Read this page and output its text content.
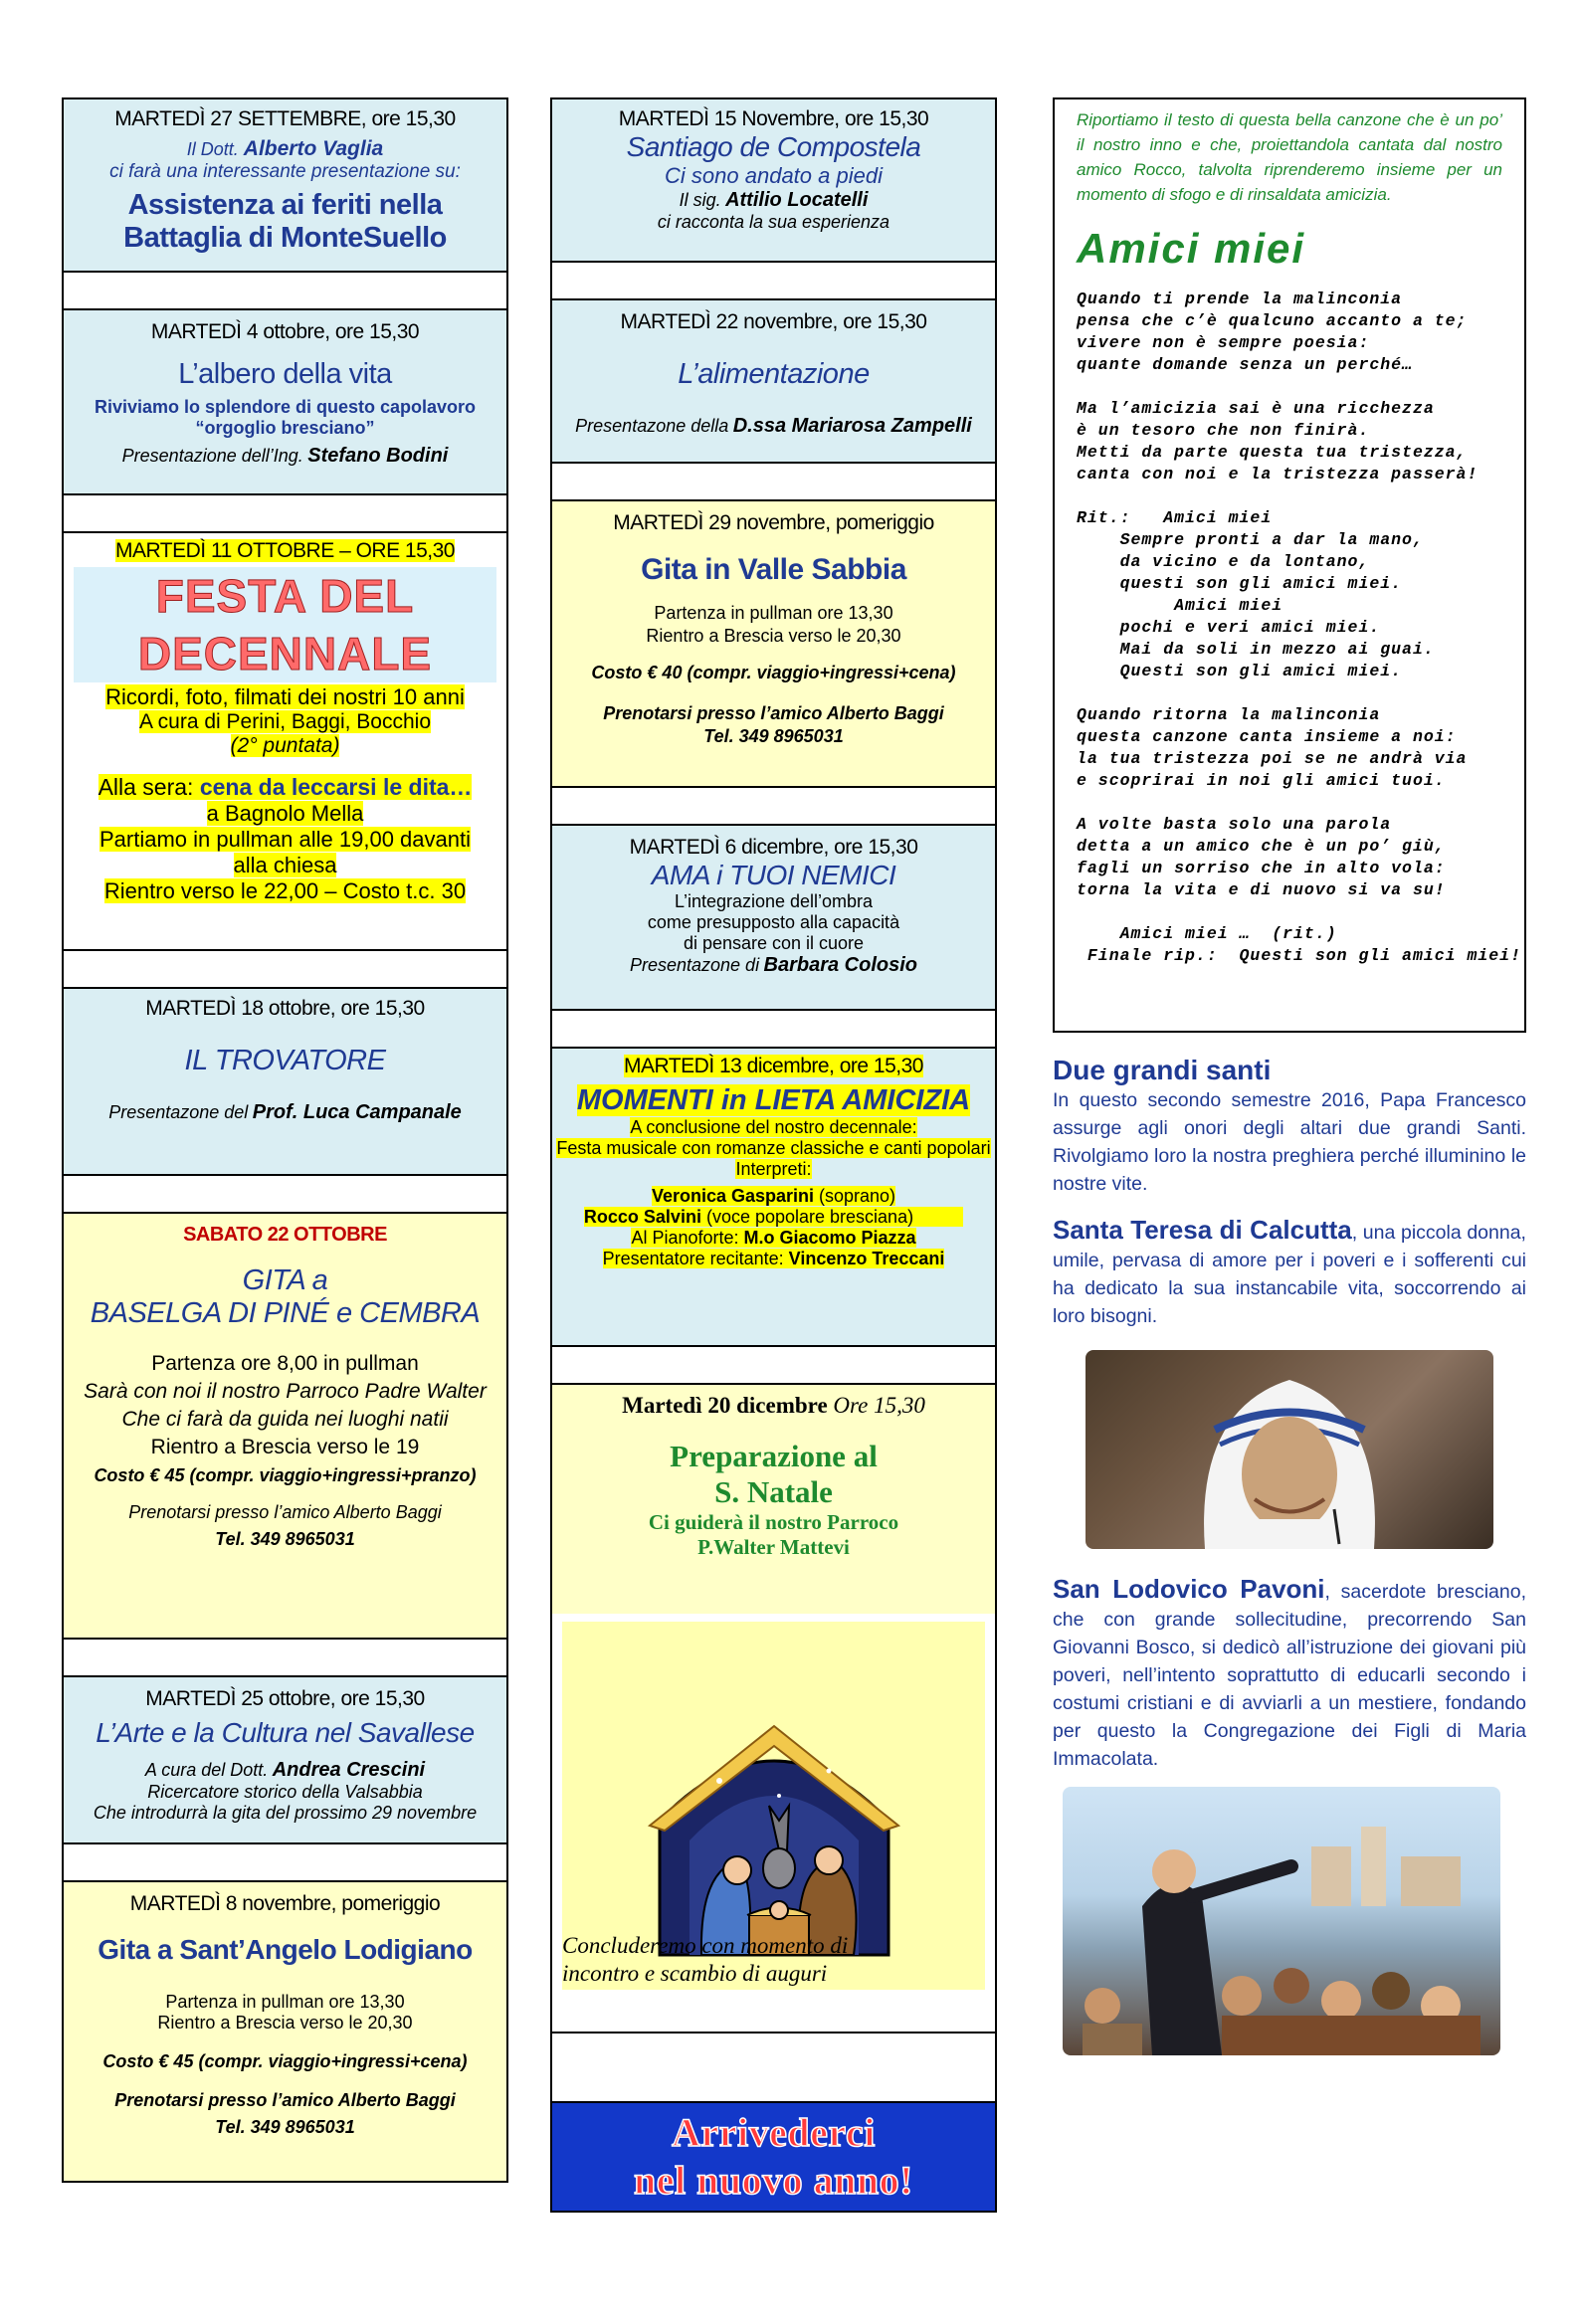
MARTEDÌ 27 SETTEMBRE, ore 15,30
Il Dott. Alberto Vaglia
ci farà una interessante presentazione su:
Assistenza ai feriti nella
Battaglia di MonteSuello
MARTEDÌ 4 ottobre, ore 15,30
L’albero della vita
Riviviamo lo splendore di questo capolavoro
“orgoglio bresciano”
Presentazione dell’Ing. Stefano Bodini
MARTEDÌ 11 OTTOBRE – ORE 15,30
FESTA DEL
DECENNALE
Ricordi, foto, filmati dei nostri 10 anni
A cura di Perini, Baggi, Bocchio
(2° puntata)
Alla sera: cena da leccarsi le dita…
a Bagnolo Mella
Partiamo in pullman alle 19,00 davanti
alla chiesa
Rientro verso le 22,00 – Costo t.c. 30
MARTEDÌ 18 ottobre, ore 15,30
IL TROVATORE
Presentazone del Prof. Luca Campanale
SABATO 22 OTTOBRE
GITA a
BASELGA DI PINÉ e CEMBRA
Partenza ore 8,00 in pullman
Sarà con noi il nostro Parroco Padre Walter
Che ci farà da guida nei luoghi natii
Rientro a Brescia verso le 19
Costo € 45 (compr. viaggio+ingressi+pranzo)
Prenotarsi presso l’amico Alberto Baggi
Tel. 349 8965031
MARTEDÌ 25 ottobre, ore 15,30
L’Arte e la Cultura nel Savallese
A cura del Dott. Andrea Crescini
Ricercatore storico della Valsabbia
Che introdurrà la gita del prossimo 29 novembre
MARTEDÌ 8 novembre, pomeriggio
Gita a Sant’Angelo Lodigiano
Partenza in pullman ore 13,30
Rientro a Brescia verso le 20,30
Costo € 45 (compr. viaggio+ingressi+cena)
Prenotarsi presso l’amico Alberto Baggi
Tel. 349 8965031
MARTEDÌ 15 Novembre, ore 15,30
Santiago de Compostela
Ci sono andato a piedi
Il sig. Attilio Locatelli
ci racconta la sua esperienza
MARTEDÌ 22 novembre, ore 15,30
L’alimentazione
Presentazone della D.ssa Mariarosa Zampelli
MARTEDÌ 29 novembre, pomeriggio
Gita in Valle Sabbia
Partenza in pullman ore 13,30
Rientro a Brescia verso le 20,30
Costo € 40 (compr. viaggio+ingressi+cena)
Prenotarsi presso l’amico Alberto Baggi
Tel. 349 8965031
MARTEDÌ 6 dicembre, ore 15,30
AMA i TUOI NEMICI
L’integrazione dell’ombra
come presupposto alla capacità
di pensare con il cuore
Presentazone di Barbara Colosio
MARTEDÌ 13 dicembre, ore 15,30
MOMENTI in LIETA AMICIZIA
A conclusione del nostro decennale:
Festa musicale con romanze classiche e canti popolari
Interpreti:
Veronica Gasparini (soprano)
Rocco Salvini (voce popolare bresciana)
Al Pianoforte: M.o Giacomo Piazza
Presentatore recitante: Vincenzo Treccani
Martedì 20 dicembre Ore 15,30
Preparazione al
S. Natale
Ci guiderà il nostro Parroco
P.Walter Mattevi
Concluderemo con momento di
incontro e scambio di auguri
Arrivederci
nel nuovo anno!
Riportiamo il testo di questa bella canzone che è un po’ il nostro inno e che, proiettandola cantata dal nostro amico Rocco, talvolta riprenderemo insieme per un momento di sfogo e di rinsaldata amicizia.
Amici miei
Quando ti prende la malinconia
pensa che c’è qualcuno accanto a te;
vivere non è sempre poesia:
quante domande senza un perché…

Ma l’amicizia sai è una ricchezza
è un tesoro che non finirà.
Metti da parte questa tua tristezza,
canta con noi e la tristezza passerà!

Rit.:   Amici miei
Sempre pronti a dar la mano,
da vicino e da lontano,
questi son gli amici miei.
Amici miei
pochi e veri amici miei.
Mai da soli in mezzo ai guai.
Questi son gli amici miei.

Quando ritorna la malinconia
questa canzone canta insieme a noi:
la tua tristezza poi se ne andrà via
e scoprirai in noi gli amici tuoi.

A volte basta solo una parola
detta a un amico che è un po’ giù,
fagli un sorriso che in alto vola:
torna la vita e di nuovo si va su!

Amici miei …  (rit.)
Finale rip.:  Questi son gli amici miei!
Due grandi santi
In questo secondo semestre 2016, Papa Francesco assurge agli onori degli altari due grandi Santi. Rivolgiamo loro la nostra preghiera perché illuminino le nostre vite.
Santa Teresa di Calcutta, una piccola donna, umile, pervasa di amore per i poveri e i sofferenti cui ha dedicato la sua instancabile vita, soccorrendo ai loro bisogni.
San Lodovico Pavoni, sacerdote bresciano, che con grande sollecitudine, precorrendo San Giovanni Bosco, si dedicò all’istruzione dei giovani più poveri, nell’intento soprattutto di educarli secondo i costumi cristiani e di avviarli a un mestiere, fondando per questo la Congregazione dei Figli di Maria Immacolata.
